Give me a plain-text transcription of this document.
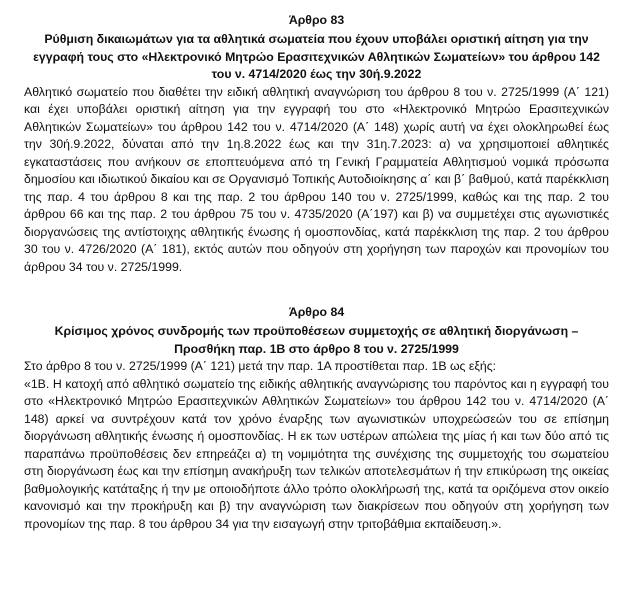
Άρθρο 83
Ρύθμιση δικαιωμάτων για τα αθλητικά σωματεία που έχουν υποβάλει οριστική αίτηση για την εγγραφή τους στο «Ηλεκτρονικό Μητρώο Ερασιτεχνικών Αθλητικών Σωματείων» του άρθρου 142 του ν. 4714/2020 έως την 30ή.9.2022

Αθλητικό σωματείο που διαθέτει την ειδική αθλητική αναγνώριση του άρθρου 8 του ν. 2725/1999 (Α΄ 121) και έχει υποβάλει οριστική αίτηση για την εγγραφή του στο «Ηλεκτρονικό Μητρώο Ερασιτεχνικών Αθλητικών Σωματείων» του άρθρου 142 του ν. 4714/2020 (Α΄ 148) χωρίς αυτή να έχει ολοκληρωθεί έως την 30ή.9.2022, δύναται από την 1η.8.2022 έως και την 31η.7.2023: α) να χρησιμοποιεί αθλητικές εγκαταστάσεις που ανήκουν σε εποπτευόμενα από τη Γενική Γραμματεία Αθλητισμού νομικά πρόσωπα δημοσίου και ιδιωτικού δικαίου και σε Οργανισμό Τοπικής Αυτοδιοίκησης α΄ και β΄ βαθμού, κατά παρέκκλιση της παρ. 4 του άρθρου 8 και της παρ. 2 του άρθρου 140 του ν. 2725/1999, καθώς και της παρ. 2 του άρθρου 66 και της παρ. 2 του άρθρου 75 του ν. 4735/2020 (Α΄197) και β) να συμμετέχει στις αγωνιστικές διοργανώσεις της αντίστοιχης αθλητικής ένωσης ή ομοσπονδίας, κατά παρέκκλιση της παρ. 2 του άρθρου 30 του ν. 4726/2020 (Α΄ 181), εκτός αυτών που οδηγούν στη χορήγηση των παροχών και προνομίων του άρθρου 34 του ν. 2725/1999.

Άρθρο 84
Κρίσιμος χρόνος συνδρομής των προϋποθέσεων συμμετοχής σε αθλητική διοργάνωση – Προσθήκη παρ. 1Β στο άρθρο 8 του ν. 2725/1999

Στο άρθρο 8 του ν. 2725/1999 (Α΄ 121) μετά την παρ. 1Α προστίθεται παρ. 1Β ως εξής:

«1Β. Η κατοχή από αθλητικό σωματείο της ειδικής αθλητικής αναγνώρισης του παρόντος και η εγγραφή του στο «Ηλεκτρονικό Μητρώο Ερασιτεχνικών Αθλητικών Σωματείων» του άρθρου 142 του ν. 4714/2020 (Α΄ 148) αρκεί να συντρέχουν κατά τον χρόνο έναρξης των αγωνιστικών υποχρεώσεών του σε επίσημη διοργάνωση αθλητικής ένωσης ή ομοσπονδίας. Η εκ των υστέρων απώλεια της μίας ή και των δύο από τις παραπάνω προϋποθέσεις δεν επηρεάζει α) τη νομιμότητα της συνέχισης της συμμετοχής του σωματείου στη διοργάνωση έως και την επίσημη ανακήρυξη των τελικών αποτελεσμάτων ή την επικύρωση της οικείας βαθμολογικής κατάταξης ή την με οποιοδήποτε άλλο τρόπο ολοκλήρωσή της, κατά τα οριζόμενα στον οικείο κανονισμό και την προκήρυξη και β) την αναγνώριση των διακρίσεων που οδηγούν στη χορήγηση των προνομίων της παρ. 8 του άρθρου 34 για την εισαγωγή στην τριτοβάθμια εκπαίδευση.».
